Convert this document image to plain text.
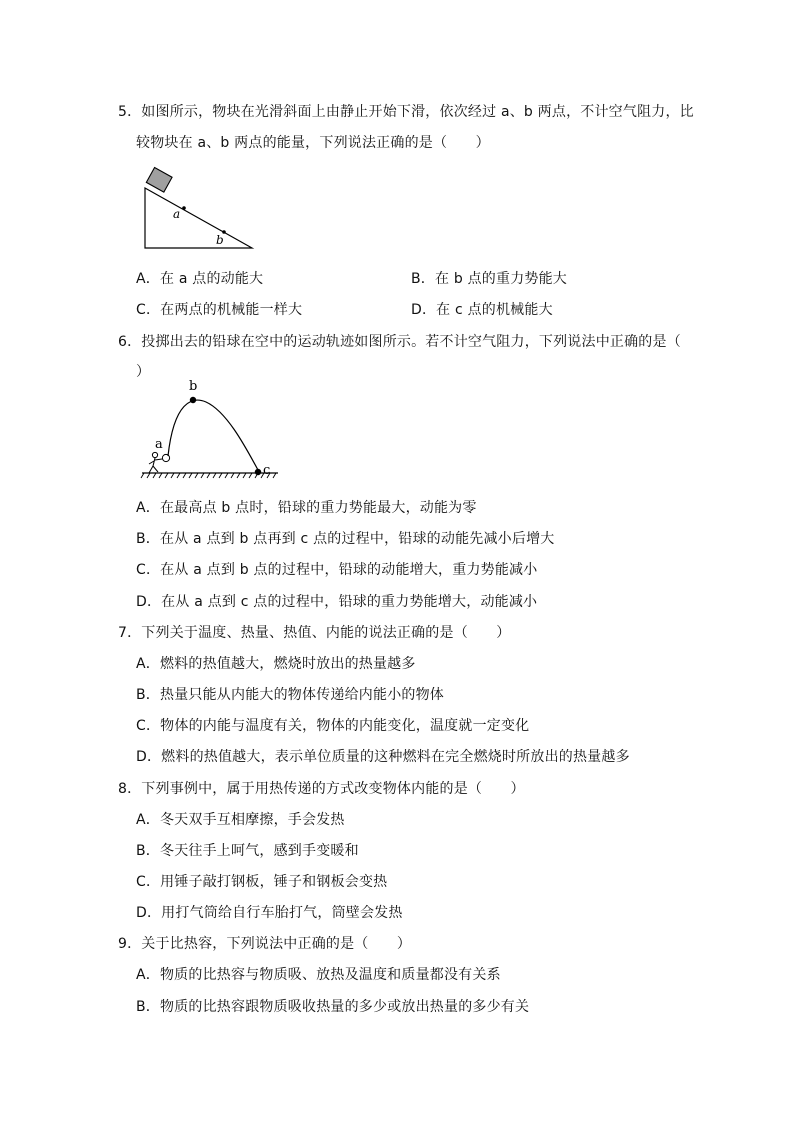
5．如图所示，物块在光滑斜面上由静止开始下滑，依次经过 a、b 两点，不计空气阻力，比
较物块在 a、b 两点的能量，下列说法正确的是（　　）
a
b
A．在 a 点的动能大	B．在 b 点的重力势能大
C．在两点的机械能一样大	D．在 c 点的机械能大
6．投掷出去的铅球在空中的运动轨迹如图所示。若不计空气阻力，下列说法中正确的是（
）
a
b
c
A．在最高点 b 点时，铅球的重力势能最大，动能为零
B．在从 a 点到 b 点再到 c 点的过程中，铅球的动能先减小后增大
C．在从 a 点到 b 点的过程中，铅球的动能增大，重力势能减小
D．在从 a 点到 c 点的过程中，铅球的重力势能增大，动能减小
7．下列关于温度、热量、热值、内能的说法正确的是（　　）
A．燃料的热值越大，燃烧时放出的热量越多
B．热量只能从内能大的物体传递给内能小的物体
C．物体的内能与温度有关，物体的内能变化，温度就一定变化
D．燃料的热值越大，表示单位质量的这种燃料在完全燃烧时所放出的热量越多
8．下列事例中，属于用热传递的方式改变物体内能的是（　　）
A．冬天双手互相摩擦，手会发热
B．冬天往手上呵气，感到手变暖和
C．用锤子敲打钢板，锤子和钢板会变热
D．用打气筒给自行车胎打气，筒壁会发热
9．关于比热容，下列说法中正确的是（　　）
A．物质的比热容与物质吸、放热及温度和质量都没有关系
B．物质的比热容跟物质吸收热量的多少或放出热量的多少有关
